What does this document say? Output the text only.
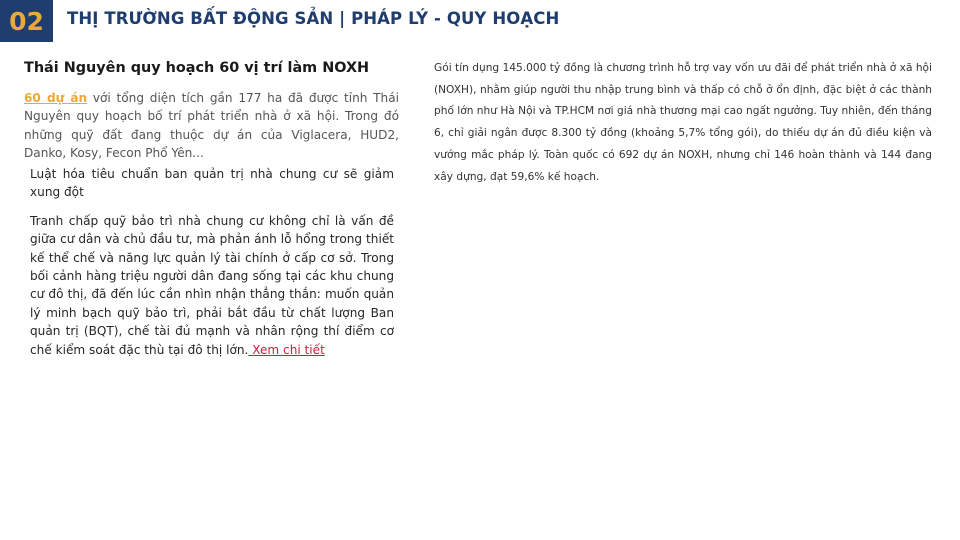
02 THỊ TRƯỜNG BẤT ĐỘNG SẢN | PHÁP LÝ - QUY HOẠCH
Thái Nguyên quy hoạch 60 vị trí làm NOXH

60 dự án với tổng diện tích gần 177 ha đã được tỉnh Thái Nguyên quy hoạch bố trí phát triển nhà ở xã hội. Trong đó những quỹ đất đang thuộc dự án của Viglacera, HUD2, Danko, Kosy, Fecon Phổ Yên...

Luật hóa tiêu chuẩn ban quản trị nhà chung cư sẽ giảm xung đột

Tranh chấp quỹ bảo trì nhà chung cư không chỉ là vấn đề giữa cư dân và chủ đầu tư, mà phản ánh lỗ hổng trong thiết kế thể chế và năng lực quản lý tài chính ở cấp cơ sở. Trong bối cảnh hàng triệu người dân đang sống tại các khu chung cư đô thị, đã đến lúc cần nhìn nhận thẳng thắn: muốn quản lý minh bạch quỹ bảo trì, phải bắt đầu từ chất lượng Ban quản trị (BQT), chế tài đủ mạnh và nhân rộng thí điểm cơ chế kiểm soát đặc thù tại đô thị lớn. Xem chi tiết

Gói tín dụng 145.000 tỷ đồng là chương trình hỗ trợ vay vốn ưu đãi để phát triển nhà ở xã hội (NOXH), nhằm giúp người thu nhập trung bình và thấp có chỗ ở ổn định, đặc biệt ở các thành phố lớn như Hà Nội và TP.HCM nơi giá nhà thương mại cao ngất ngưởng. Tuy nhiên, đến tháng 6, chỉ giải ngân được 8.300 tỷ đồng (khoảng 5,7% tổng gói), do thiếu dự án đủ điều kiện và vướng mắc pháp lý. Toàn quốc có 692 dự án NOXH, nhưng chỉ 146 hoàn thành và 144 đang xây dựng, đạt 59,6% kế hoạch.
